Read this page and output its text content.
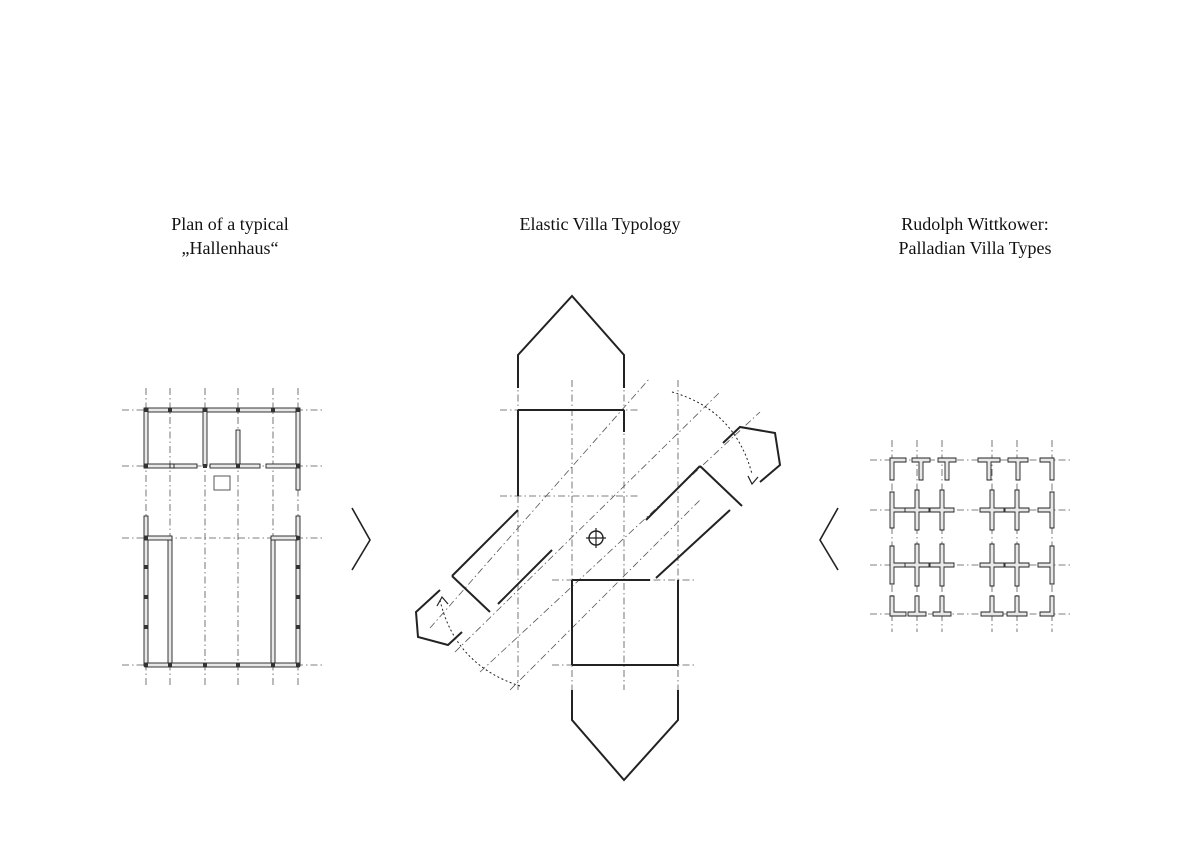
Plan of a typical
„Hallenhaus“
Elastic Villa Typology	Rudolph Wittkower:
Palladian Villa Types
